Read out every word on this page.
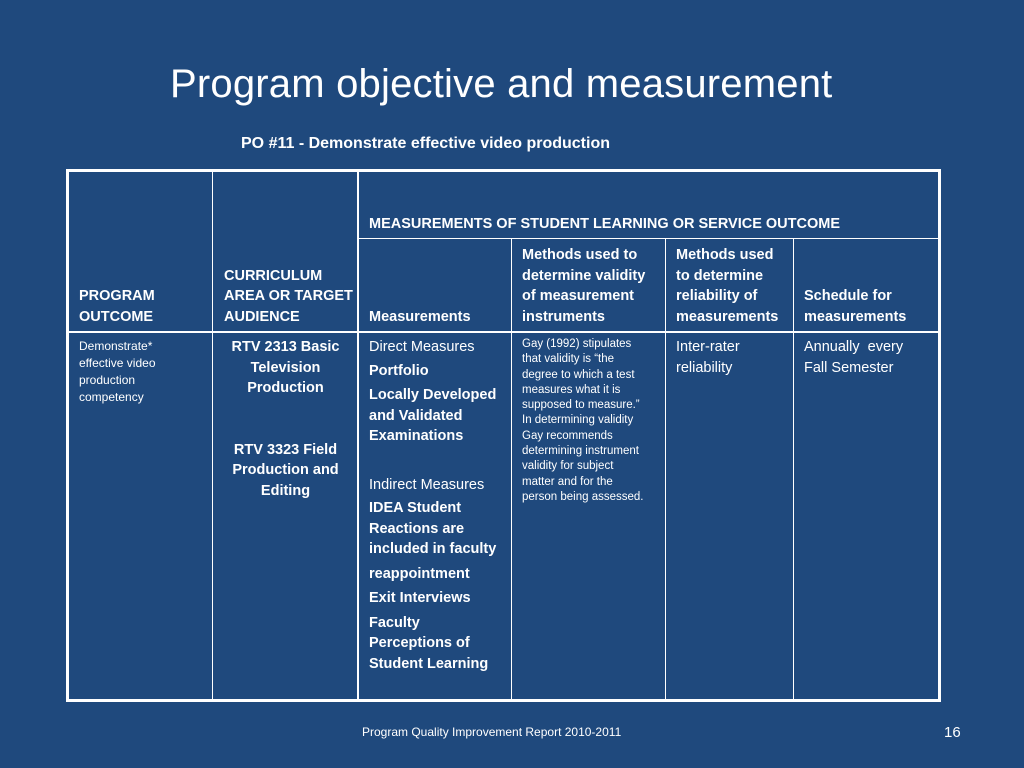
Program objective and measurement

PO #11 - Demonstrate effective video production

MEASUREMENTS OF STUDENT LEARNING OR SERVICE OUTCOME
PROGRAM
OUTCOME
CURRICULUM
AREA OR TARGET
AUDIENCE	Measurements
Methods used to
determine validity
of measurement
instruments
Methods used
to determine
reliability of
measurements
Schedule for
measurements
Demonstrate*
effective video
production
competency
RTV 2313 Basic
Television
Production
RTV 3323 Field
Production and
Editing
Direct Measures
Portfolio
Locally Developed
and Validated
Examinations
Indirect Measures
IDEA Student
Reactions are
included in faculty
reappointment
Exit Interviews
Faculty
Perceptions of
Student Learning
Gay (1992) stipulates
that validity is “the
degree to which a test
measures what it is
supposed to measure.”
In determining validity
Gay recommends
determining instrument
validity for subject
matter and for the
person being assessed.
Inter-rater
reliability
Annually  every
Fall Semester
Program Quality Improvement Report 2010-2011	16
